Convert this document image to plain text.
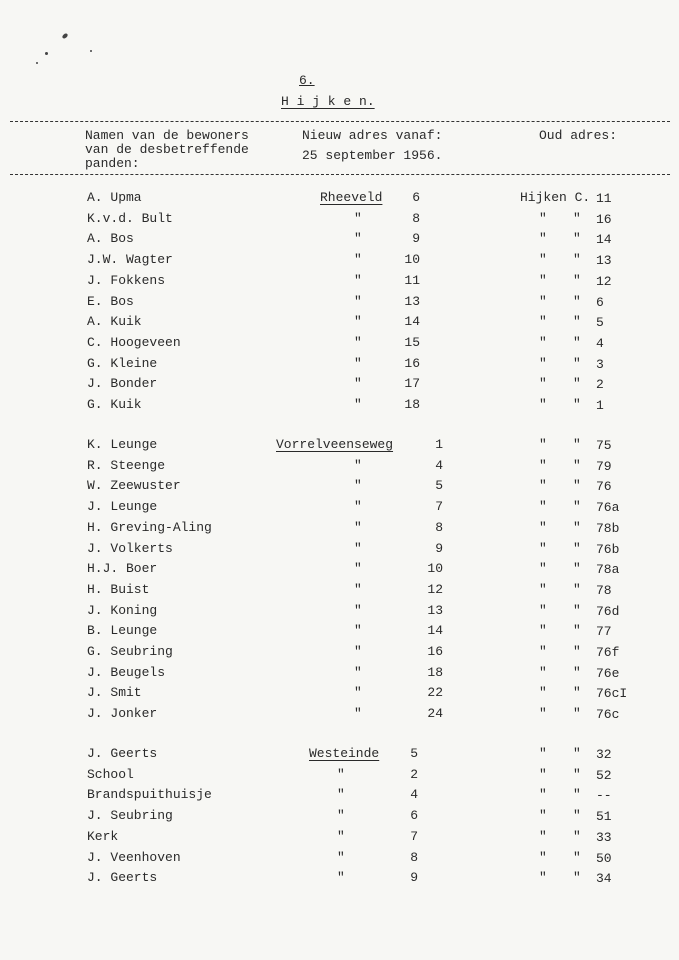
6.
H i j k e n.
Namen van de bewoners
van de desbetreffende
panden:
Nieuw adres vanaf:
25 september 1956.
Oud adres:
A. Upma	Rheeveld 6	Hijken C. 11
K.v.d. Bult	"	8	" " 16
A. Bos	"	9	" " 14
J.W. Wagter	"	10	" " 13
J. Fokkens	"	11	" " 12
E. Bos	"	13	" " 6
A. Kuik	"	14	" " 5
C. Hoogeveen	"	15	" " 4
G. Kleine	"	16	" " 3
J. Bonder	"	17	" " 2
G. Kuik	"	18	" " 1
K. Leunge	Vorrelveenseweg	1	" " 75
R. Steenge	"	4	" " 79
W. Zeewuster	"	5	" " 76
J. Leunge	"	7	" " 76a
H. Greving-Aling	"	8	" " 78b
J. Volkerts	"	9	" " 76b
H.J. Boer	"	10	" " 78a
H. Buist	"	12	" " 78
J. Koning	"	13	" " 76d
B. Leunge	"	14	" " 77
G. Seubring	"	16	" " 76f
J. Beugels	"	18	" " 76e
J. Smit	"	22	" " 76cI
J. Jonker	"	24	" " 76c
J. Geerts	Westeinde 5	" " 32
School	"	2	" " 52
Brandspuithuisje	"	4	" " --
J. Seubring	"	6	" " 51
Kerk	"	7	" " 33
J. Veenhoven	"	8	" " 50
J. Geerts	"	9	" " 34
